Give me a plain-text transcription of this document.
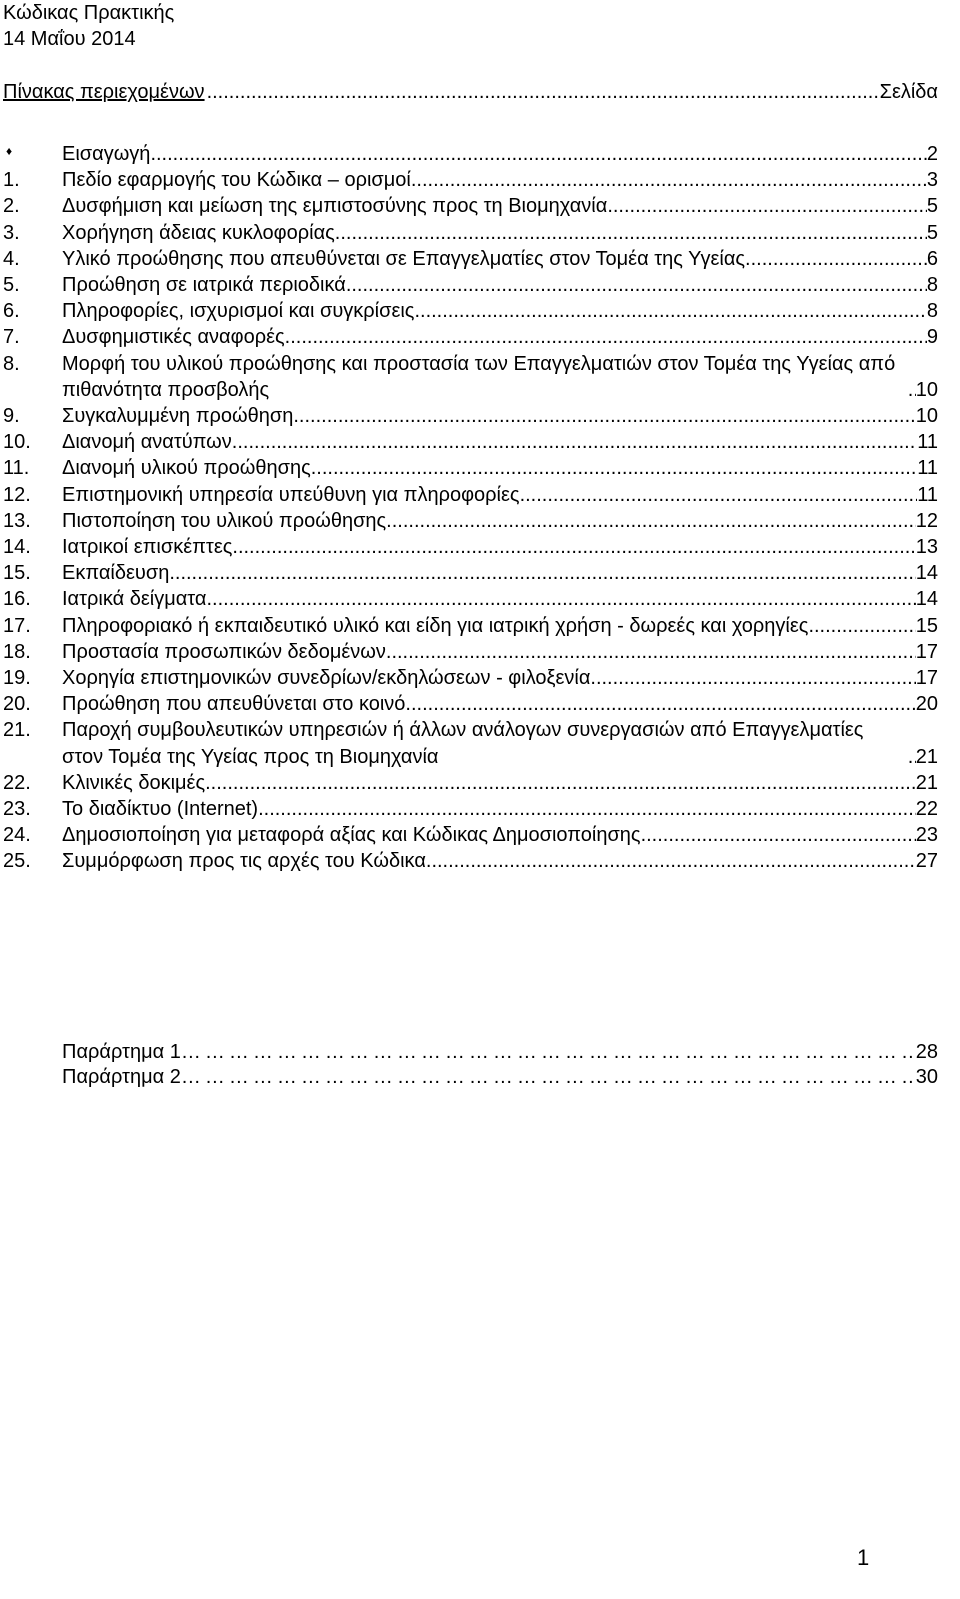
Κώδικας Πρακτικής
14 Μαΐου 2014
Πίνακας περιεχομένων .....	Σελίδα
♦	Εισαγωγή .....	2
1.	Πεδίο εφαρμογής του Κώδικα – ορισμοί .....	3
2.	Δυσφήμιση και μείωση της εμπιστοσύνης προς τη Βιομηχανία .....	5
3.	Χορήγηση άδειας κυκλοφορίας .....	5
4.	Υλικό προώθησης που απευθύνεται σε Επαγγελματίες στον Τομέα της Υγείας .....	6
5.	Προώθηση σε ιατρικά περιοδικά .....	8
6.	Πληροφορίες, ισχυρισμοί και συγκρίσεις .....	8
7.	Δυσφημιστικές αναφορές .....	9
8.	Μορφή του υλικού προώθησης και προστασία των Επαγγελματιών στον Τομέα της Υγείας από πιθανότητα προσβολής .....	10
9.	Συγκαλυμμένη προώθηση .....	10
10.	Διανομή ανατύπων .....	11
11.	Διανομή υλικού προώθησης .....	11
12.	Επιστημονική υπηρεσία υπεύθυνη για πληροφορίες .....	11
13.	Πιστοποίηση του υλικού προώθησης .....	12
14.	Ιατρικοί επισκέπτες .....	13
15.	Εκπαίδευση .....	14
16.	Ιατρικά δείγματα .....	14
17.	Πληροφοριακό ή εκπαιδευτικό υλικό και είδη για ιατρική χρήση - δωρεές και χορηγίες .....	15
18.	Προστασία προσωπικών δεδομένων .....	17
19.	Χορηγία επιστημονικών συνεδρίων/εκδηλώσεων - φιλοξενία .....	17
20.	Προώθηση που απευθύνεται στο κοινό .....	20
21.	Παροχή συμβουλευτικών υπηρεσιών ή άλλων ανάλογων συνεργασιών από Επαγγελματίες στον Τομέα της Υγείας προς τη Βιομηχανία .....	21
22.	Κλινικές δοκιμές .....	21
23.	Το διαδίκτυο (Internet) .....	22
24.	Δημοσιοποίηση για μεταφορά αξίας και Κώδικας Δημοσιοποίησης .....	23
25.	Συμμόρφωση προς τις αρχές του Κώδικα .....	27
Παράρτημα 1 …………………………………………………………………………………………	28
Παράρτημα 2 …………………………………………………………………………………………	30
1
